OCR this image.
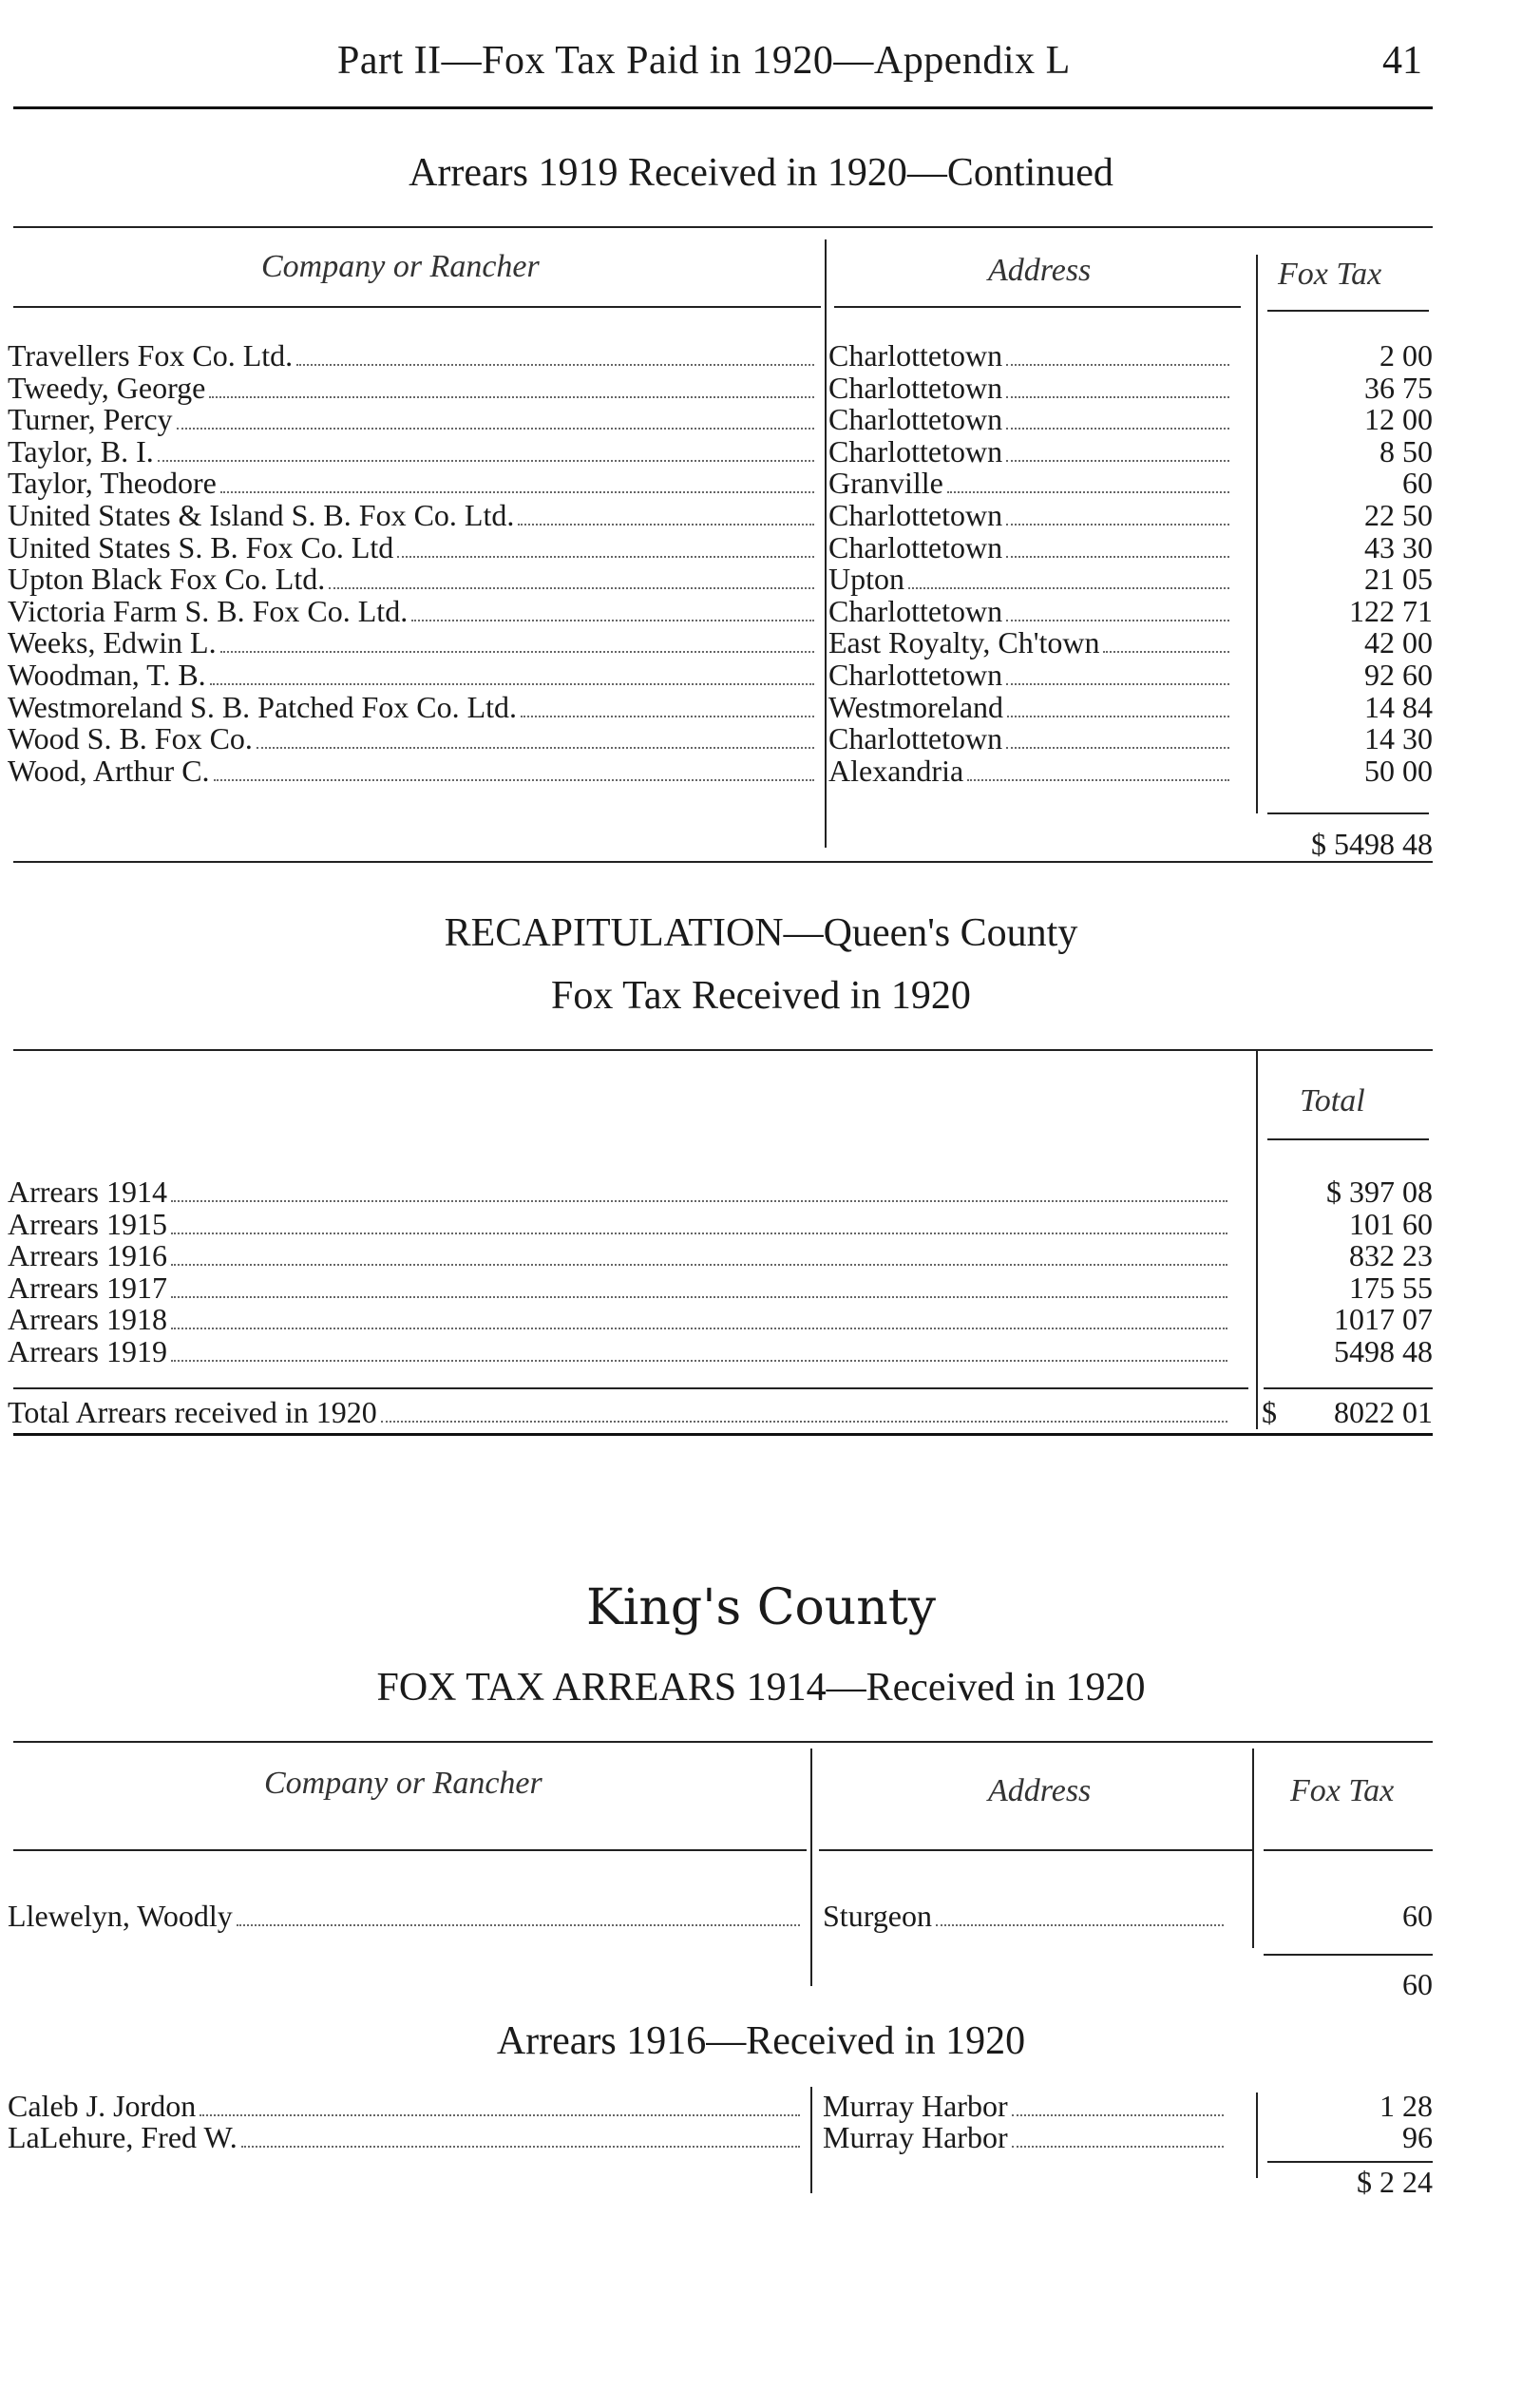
Part II—Fox Tax Paid in 1920—Appendix L	41
Arrears 1919 Received in 1920—Continued
Company or Rancher	Address	Fox Tax
Travellers Fox Co. Ltd.	Charlottetown	2 00
Tweedy, George	Charlottetown	36 75
Turner, Percy	Charlottetown	12 00
Taylor, B. I.	Charlottetown	8 50
Taylor, Theodore	Granville	60
United States & Island S. B. Fox Co. Ltd.	Charlottetown	22 50
United States S. B. Fox Co. Ltd	Charlottetown	43 30
Upton Black Fox Co. Ltd.	Upton	21 05
Victoria Farm S. B. Fox Co. Ltd.	Charlottetown	122 71
Weeks, Edwin L.	East Royalty, Ch'town	42 00
Woodman, T. B.	Charlottetown	92 60
Westmoreland S. B. Patched Fox Co. Ltd.	Westmoreland	14 84
Wood S. B. Fox Co.	Charlottetown	14 30
Wood, Arthur C.	Alexandria	50 00
$ 5498 48
RECAPITULATION—Queen's County
Fox Tax Received in 1920
Total
Arrears 1914	$ 397 08
Arrears 1915	101 60
Arrears 1916	832 23
Arrears 1917	175 55
Arrears 1918	1017 07
Arrears 1919	5498 48
Total Arrears received in 1920	$	8022 01
King's County
FOX TAX ARREARS 1914—Received in 1920
Company or Rancher	Address	Fox Tax
Llewelyn, Woodly	Sturgeon	60
60
Arrears 1916—Received in 1920
Caleb J. Jordon	Murray Harbor	1 28
LaLehure, Fred W.	Murray Harbor	96
$ 2 24
